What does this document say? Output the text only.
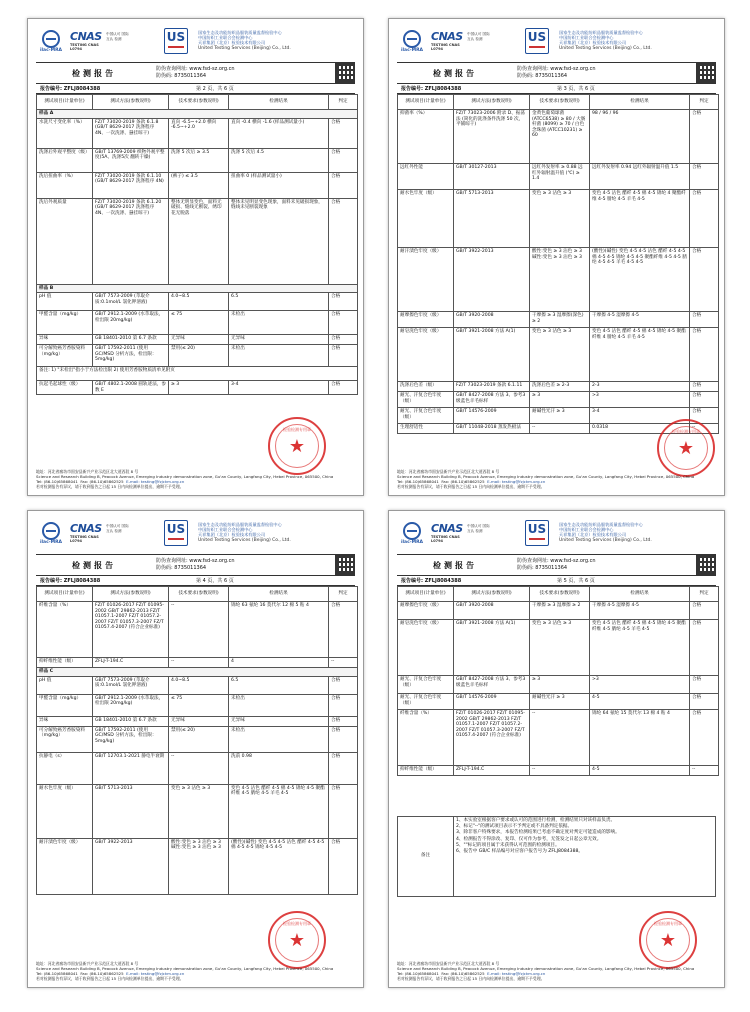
ilac-MRA
CNAS
TESTING CNAS L0794
中国认可 国际互认 检测	US	国家生态及功能纺织品服装质量监督检验中心
中国纺织工业联合会检测中心
天祥集团（北京）检验技术有限公司
United Testing Services (Beijing) Co., Ltd.
检测报告	防伪查询网址: www.fsd-sz.org.cn
防伪码: 8735011364
报告编号: ZFLJ8084388	第 2 页，共 6 页
测试项目(计量单位)	测试方法(参数说明)	技术要求(参数说明)	检测结果	判定
样品 A				
水洗尺寸变化率（%）	FZ/T 73020-2019 条款 6.1.8 (GB/T 8629-2017 洗涤程序 4N、一次洗涤、悬挂晾干)	直向 -6.5~+2.0 横向 -6.5~+2.0	直向 -0.4 横向 -1.6 (样品测试量小)	合格
洗涤后外观平整度（级）	GB/T 13769-2009 织物外观平整度(5A、洗涤5次 翻转干燥)	洗涤 5 次后 ≥ 3.5	洗涤 5 次后 4.5	合格
洗后扭曲率（%）	FZ/T 73020-2019 条款 6.1.10 (GB/T 8629-2017 洗涤程序 4N)	(裤子) ≤ 3.5	扭曲率 0 (样品测试量小)	合格
洗后外观质量	FZ/T 73020-2019 条款 6.1.20 (GB/T 8629-2017 洗涤程序 4N、一次洗涤、悬挂晾干)	整体无明显变色，面料无破损、缝线无断裂、绣印花无脱落	整体未见明显变色现象，面料未见破损现象，缝线未见断裂现象	合格
样品 B				
pH 值	GB/T 7573-2009 (萃取介质:0.1mol/L 氯化钾溶液)	4.0~8.5	6.5	合格
甲醛含量（mg/kg）	GB/T 2912.1-2009 (水萃取法，检出限 20mg/kg)	≤ 75	未检出	合格
异味	GB 18401-2010 第 6.7 条款	无异味	无异味	合格
可分解致癌芳香胺染料（mg/kg）	GB/T 17592-2011 (使用 GC/MSD 分析方法，检出限：5mg/kg)	禁用(≤ 20)	未检出	合格
备注: 1) "未检出"指小于方法检出限 2) 使用芳香胺物质清单见附页				
抗起毛起球性（级）	GB/T 4802.1-2008 圆轨迹法，参数 E	≥ 3	3-4	合格
检验检测专用章
★
地址：河北省廊坊市固安县新兴产业示范区北大道西段 8 号
Science and Research Building B, Peacock Avenue, Emerging Industry demonstration zone, Gu'an County, Langfang City, Hebei Province, 065500, China
Tel: (86-10)65868041 Fax: (86-10)65862525 E-mail: testing@fzjckm.org.cn
若对检测报告有异议，请于收到报告之日起 15 日内向检测单位提出，逾期不予受理。
ilac-MRA
CNAS
TESTING CNAS L0794
中国认可 国际互认 检测	US	国家生态及功能纺织品服装质量监督检验中心
中国纺织工业联合会检测中心
天祥集团（北京）检验技术有限公司
United Testing Services (Beijing) Co., Ltd.
检测报告	防伪查询网址: www.fsd-sz.org.cn
防伪码: 8735011364
报告编号: ZFLJ8084388	第 3 页，共 6 页
测试项目(计量单位)	测试方法(参数说明)	技术要求(参数说明)	检测结果	判定
抑菌率（%）	FZ/T 73023-2006 附录 D、振荡法 (简化的洗涤条件洗涤 50 次，平铺晾干)	金黄色葡萄球菌 (ATCC6538) ≥ 80 / 大肠杆菌 (8099) ≥ 70 / 白色念珠菌 (ATCC10231) ≥ 60	98 / 96 / 96	合格
远红外性能	GB/T 30127-2013	远红外发射率 ≥ 0.88 远红外辐射温升值 (℃) ≥ 1.4	远红外发射率 0.94 远红外辐射温升值 1.5	合格
耐水色牢度（级）	GB/T 5713-2013	变色 ≥ 3 沾色 ≥ 3	变色 4-5 沾色 醋纤 4-5 棉 4-5 锦纶 4 聚酯纤维 4-5 腈纶 4-5 羊毛 4-5	合格
耐汗渍色牢度（级）	GB/T 3922-2013	酸性:变色 ≥ 3 沾色 ≥ 3 碱性:变色 ≥ 3 沾色 ≥ 3	(酸性)(碱性) 变色 4-5 4-5 沾色 醋纤 4-5 4-5 棉 4-5 4-5 锦纶 4-5 4-5 聚酯纤维 4-5 4-5 腈纶 4-5 4-5 羊毛 4-5 4-5	合格
耐摩擦色牢度（级）	GB/T 3920-2008	干摩擦 ≥ 3 湿摩擦(深色) ≥ 2	干摩擦 4-5 湿摩擦 4-5	合格
耐皂洗色牢度（级）	GB/T 3921-2008 方法 A(1)	变色 ≥ 3 沾色 ≥ 3	变色 4-5 沾色 醋纤 4-5 棉 4-5 锦纶 4-5 聚酯纤维 4 腈纶 4-5 羊毛 4-5	合格
洗涤后色差（级）	FZ/T 73023-2019 条款 6.1.11	洗涤后色差 ≥ 2-3	2-3	合格
耐光、汗复合色牢度（级）	GB/T 8427-2008 方法 3、参考3 级蓝色羊毛标样	≥ 3	>3	合格
耐光、汗复合色牢度（级）	GB/T 14576-2009	耐碱性光汗 ≥ 3	3-4	合格
生理舒适性	GB/T 11048-2018 蒸发热板法	--	0.0318	--
检验检测专用章
★
地址：河北省廊坊市固安县新兴产业示范区北大道西段 8 号
Science and Research Building B, Peacock Avenue, Emerging Industry demonstration zone, Gu'an County, Langfang City, Hebei Province, 065500, China
Tel: (86-10)65868041 Fax: (86-10)65862525 E-mail: testing@fzjckm.org.cn
若对检测报告有异议，请于收到报告之日起 15 日内向检测单位提出，逾期不予受理。
ilac-MRA
CNAS
TESTING CNAS L0794
中国认可 国际互认 检测	US	国家生态及功能纺织品服装质量监督检验中心
中国纺织工业联合会检测中心
天祥集团（北京）检验技术有限公司
United Testing Services (Beijing) Co., Ltd.
检测报告	防伪查询网址: www.fsd-sz.org.cn
防伪码: 8735011364
报告编号: ZFLJ8084388	第 4 页，共 6 页
测试项目(计量单位)	测试方法(参数说明)	技术要求(参数说明)	检测结果	判定
纤维含量（%）	FZ/T 01026-2017 FZ/T 01095-2002 GB/T 29862-2013 FZ/T 01057.1-2007 FZ/T 01057.2-2007 FZ/T 01057.3-2007 FZ/T 01057.4-2007 (符合企业标准)	--	锦纶 63 氨纶 16 莫代尔 12 棉 5 粘 4	合格
抑纤维性能（级）	ZFLJ-T-194.C	--	4	--
样品 C				
pH 值	GB/T 7573-2009 (萃取介质:0.1mol/L 氯化钾溶液)	4.0~8.5	6.5	合格
甲醛含量（mg/kg）	GB/T 2912.1-2009 (水萃取法，检出限 20mg/kg)	≤ 75	未检出	合格
异味	GB 18401-2010 第 6.7 条款	无异味	无异味	合格
可分解致癌芳香胺染料（mg/kg）	GB/T 17592-2011 (使用 GC/MSD 分析方法，检出限：5mg/kg)	禁用(≤ 20)	未检出	合格
抗静电（s）	GB/T 12703.1-2021 静电半衰期	--	洗前 0.98	合格
耐水色牢度（级）	GB/T 5713-2013	变色 ≥ 3 沾色 ≥ 3	变色 4-5 沾色 醋纤 4-5 棉 4-5 锦纶 4-5 聚酯纤维 4-5 腈纶 4-5 羊毛 4-5	合格
耐汗渍色牢度（级）	GB/T 3922-2013	酸性:变色 ≥ 3 沾色 ≥ 3 碱性:变色 ≥ 3 沾色 ≥ 3	(酸性)(碱性) 变色 4-5 4-5 沾色 醋纤 4-5 4-5 棉 4-5 4-5 锦纶 4-5 4-5	合格
检验检测专用章
★
地址：河北省廊坊市固安县新兴产业示范区北大道西段 8 号
Science and Research Building B, Peacock Avenue, Emerging Industry demonstration zone, Gu'an County, Langfang City, Hebei Province, 065500, China
Tel: (86-10)65868041 Fax: (86-10)65862525 E-mail: testing@fzjckm.org.cn
若对检测报告有异议，请于收到报告之日起 15 日内向检测单位提出，逾期不予受理。
ilac-MRA
CNAS
TESTING CNAS L0794
中国认可 国际互认 检测	US	国家生态及功能纺织品服装质量监督检验中心
中国纺织工业联合会检测中心
天祥集团（北京）检验技术有限公司
United Testing Services (Beijing) Co., Ltd.
检测报告	防伪查询网址: www.fsd-sz.org.cn
防伪码: 8735011364
报告编号: ZFLJ8084388	第 5 页，共 6 页
测试项目(计量单位)	测试方法(参数说明)	技术要求(参数说明)	检测结果	判定
耐摩擦色牢度（级）	GB/T 3920-2008	干摩擦 ≥ 3 湿摩擦 ≥ 2	干摩擦 4-5 湿摩擦 4-5	合格
耐皂洗色牢度（级）	GB/T 3921-2008 方法 A(1)	变色 ≥ 3 沾色 ≥ 3	变色 4-5 沾色 醋纤 4-5 棉 4-5 锦纶 4-5 聚酯纤维 4-5 腈纶 4-5 羊毛 4-5	合格
耐光、汗复合色牢度（级）	GB/T 8427-2008 方法 3、参考3 级蓝色羊毛标样	≥ 3	>3	合格
耐光、汗复合色牢度（级）	GB/T 14576-2009	耐碱性光汗 ≥ 3	4-5	合格
纤维含量（%）	FZ/T 01026-2017 FZ/T 01095-2002 GB/T 29862-2013 FZ/T 01057.1-2007 FZ/T 01057.2-2007 FZ/T 01057.3-2007 FZ/T 01057.4-2007 (符合企业标准)	--	锦纶 64 氨纶 15 莫代尔 13 棉 4 粘 4	合格
抑纤维性能（级）	ZFLJ-T-194.C	--	4-5	--
备注	
1、本实验室根据客户要求或认可的范围进行检测，检测结果只对该样品负责。
2、标记"--"的测试项目表示不予判定或不具备判定依据。
3、除非客户特殊要求，本报告检测结果已考虑不确定度对判定可能造成的影响。
4、检测报告不得涂改、复印、仅可作为参考，无签发之日起公章无效。
5、""标记的项目属于未获得认可范围的检测项目。
6、报告中 GB/C 样品编号对应客户报告号为 ZFLJ8084388。
检验检测专用章
★
地址：河北省廊坊市固安县新兴产业示范区北大道西段 8 号
Science and Research Building B, Peacock Avenue, Emerging Industry demonstration zone, Gu'an County, Langfang City, Hebei Province, 065500, China
Tel: (86-10)65868041 Fax: (86-10)65862525 E-mail: testing@fzjckm.org.cn
若对检测报告有异议，请于收到报告之日起 15 日内向检测单位提出，逾期不予受理。
